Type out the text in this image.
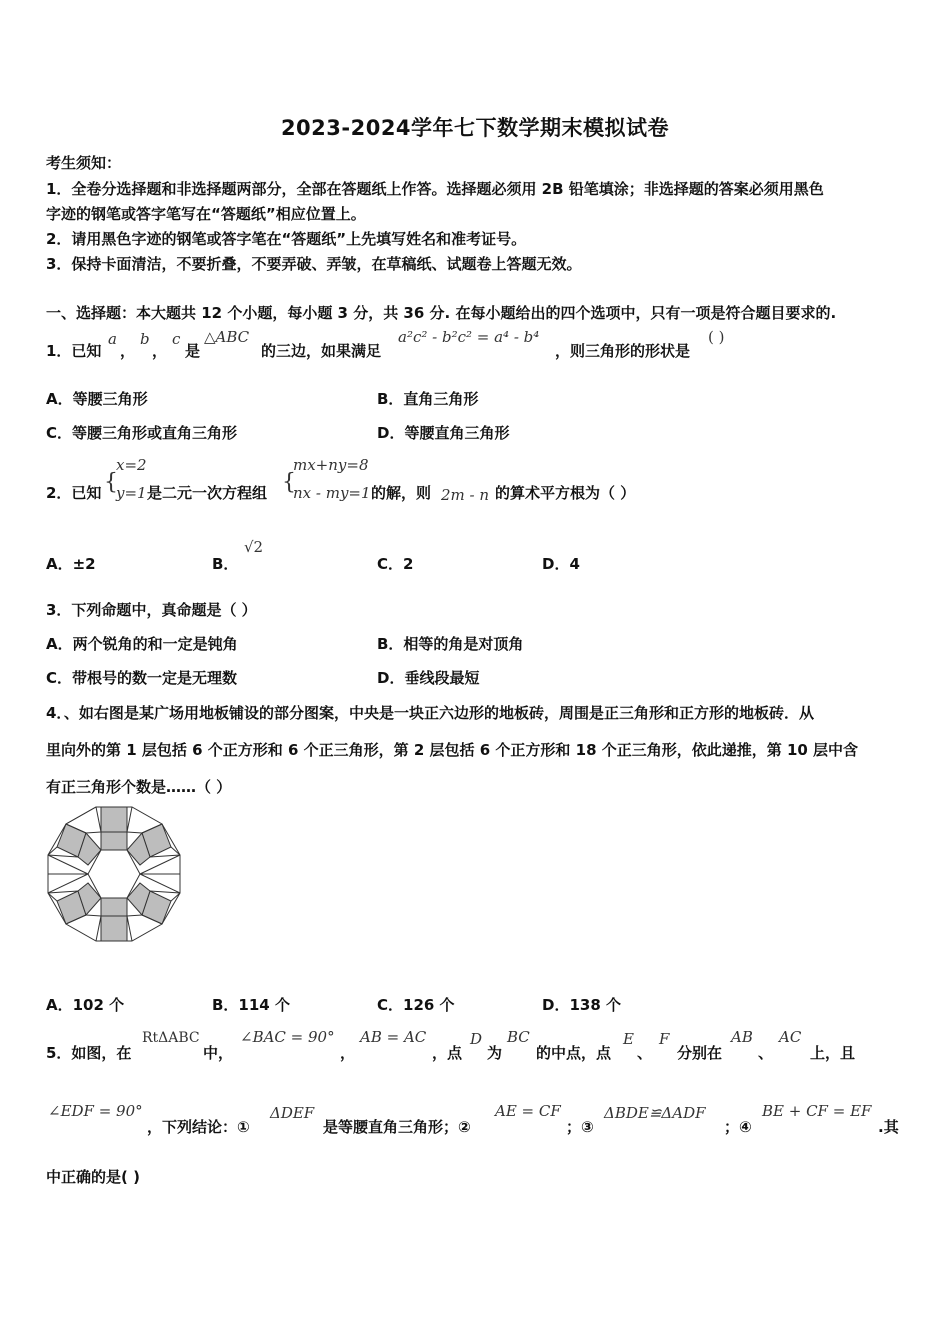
2023-2024学年七下数学期末模拟试卷
考生须知：
1．全卷分选择题和非选择题两部分，全部在答题纸上作答。选择题必须用 2B 铅笔填涂；非选择题的答案必须用黑色
字迹的钢笔或答字笔写在“答题纸”相应位置上。
2．请用黑色字迹的钢笔或答字笔在“答题纸”上先填写姓名和准考证号。
3．保持卡面清洁，不要折叠，不要弄破、弄皱，在草稿纸、试题卷上答题无效。
一、选择题：本大题共 12 个小题，每小题 3 分，共 36 分. 在每小题给出的四个选项中，只有一项是符合题目要求的.
1．已知
a
，
b
，
c
是
△ABC
的三边，如果满足
a²c² - b²c² = a⁴ - b⁴
，则三角形的形状是
( )
A．等腰三角形	B．直角三角形
C．等腰三角形或直角三角形	D．等腰直角三角形
2．已知 {
x=2
y=1 是二元一次方程组 {
mx+ny=8
nx - my=1 的解，则 2m - n 的算术平方根为（ ）
A．±2	B．
√2
C．2	D．4
3．下列命题中，真命题是（ ）
A．两个锐角的和一定是钝角	B．相等的角是对顶角
C．带根号的数一定是无理数	D．垂线段最短
4．、如右图是某广场用地板铺设的部分图案，中央是一块正六边形的地板砖，周围是正三角形和正方形的地板砖．从
里向外的第 1 层包括 6 个正方形和 6 个正三角形，第 2 层包括 6 个正方形和 18 个正三角形，依此递推，第 10 层中含
有正三角形个数是……（ ）
A．102 个	B．114 个	C．126 个	D．138 个
5．如图，在
RtΔABC
中，
∠BAC = 90°
，
AB = AC
，点
D
为
BC
的中点，点
E
、
F
分别在
AB
、
AC
上，且
∠EDF = 90°
，下列结论：①
ΔDEF
是等腰直角三角形；②
AE = CF
；③
ΔBDE≌ΔADF
；④
BE + CF = EF
.其
中正确的是( )
